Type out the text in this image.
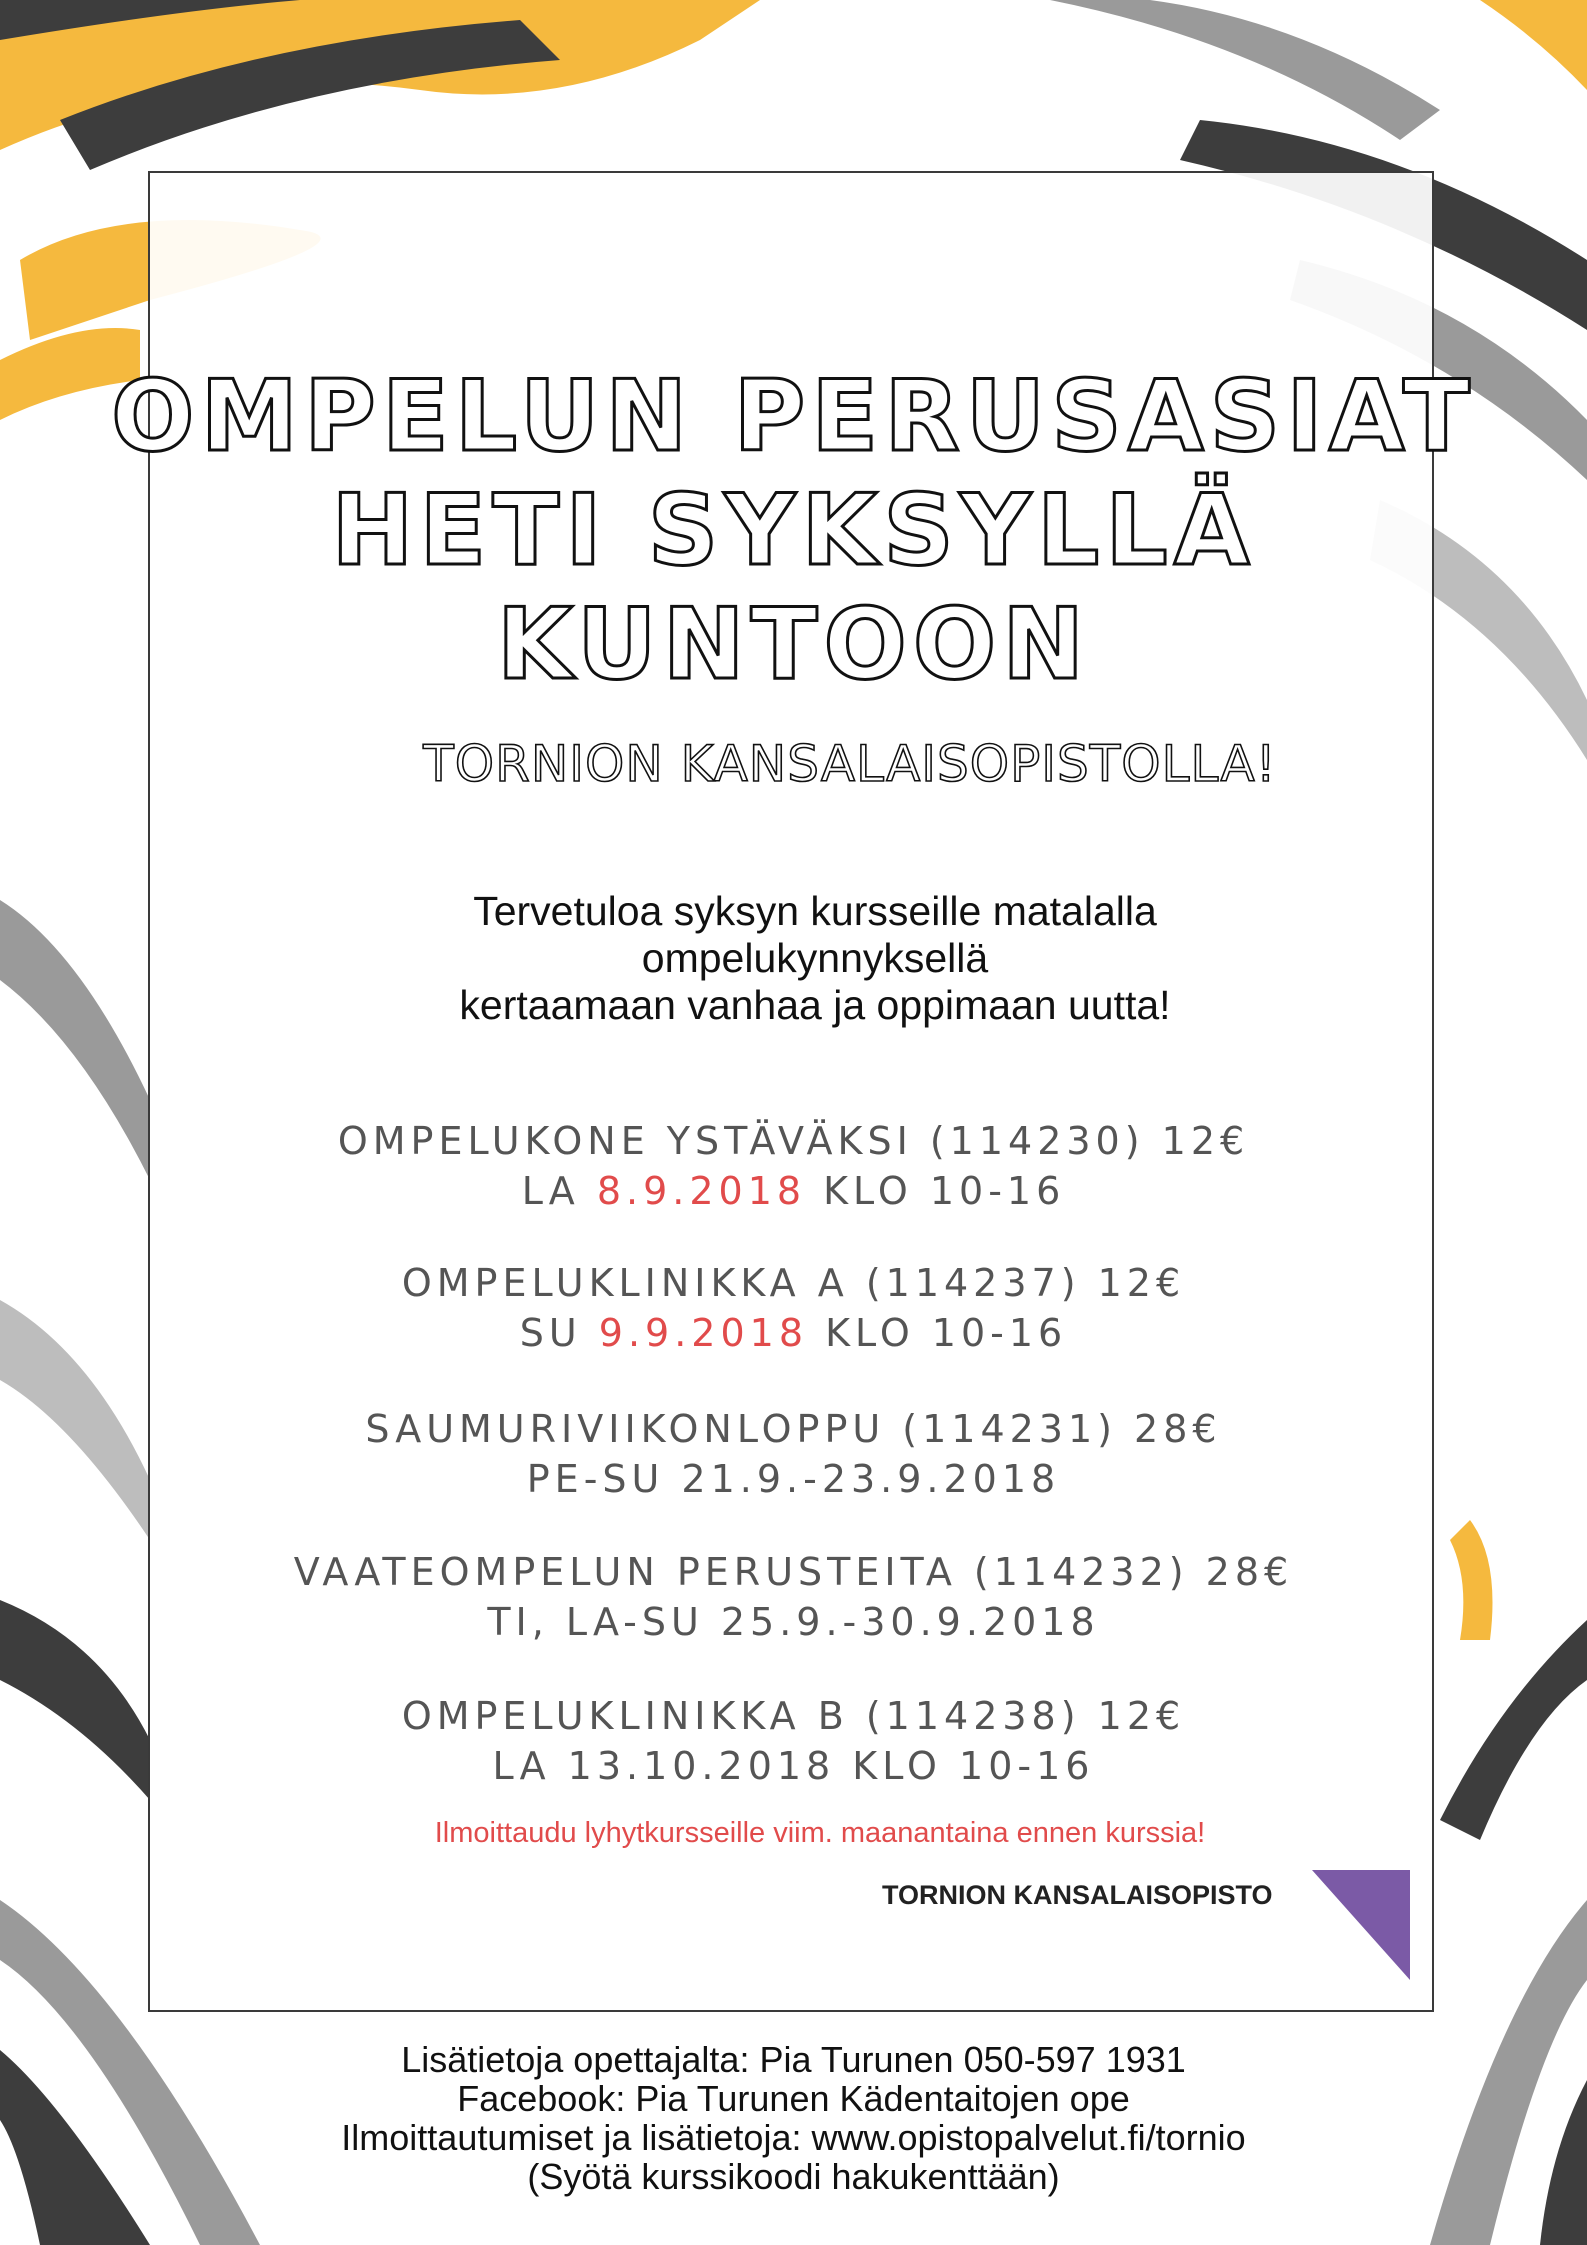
OMPELUN PERUSASIAT
HETI SYKSYLLÄ
KUNTOON
TORNION KANSALAISOPISTOLLA!
Tervetuloa syksyn kursseille matalalla
ompelukynnyksellä
kertaamaan vanhaa ja oppimaan uutta!
OMPELUKONE YSTÄVÄKSI (114230) 12€
LA 8.9.2018 KLO 10-16
OMPELUKLINIKKA A (114237) 12€
SU 9.9.2018 KLO 10-16
SAUMURIVIIKONLOPPU (114231) 28€
PE-SU 21.9.-23.9.2018
VAATEOMPELUN PERUSTEITA (114232) 28€
TI, LA-SU 25.9.-30.9.2018
OMPELUKLINIKKA B (114238) 12€
LA 13.10.2018 KLO 10-16
Ilmoittaudu lyhytkursseille viim. maanantaina ennen kurssia!
TORNION KANSALAISOPISTO
Lisätietoja opettajalta: Pia Turunen 050-597 1931
Facebook: Pia Turunen Kädentaitojen ope
Ilmoittautumiset ja lisätietoja: www.opistopalvelut.fi/tornio
(Syötä kurssikoodi hakukenttään)
